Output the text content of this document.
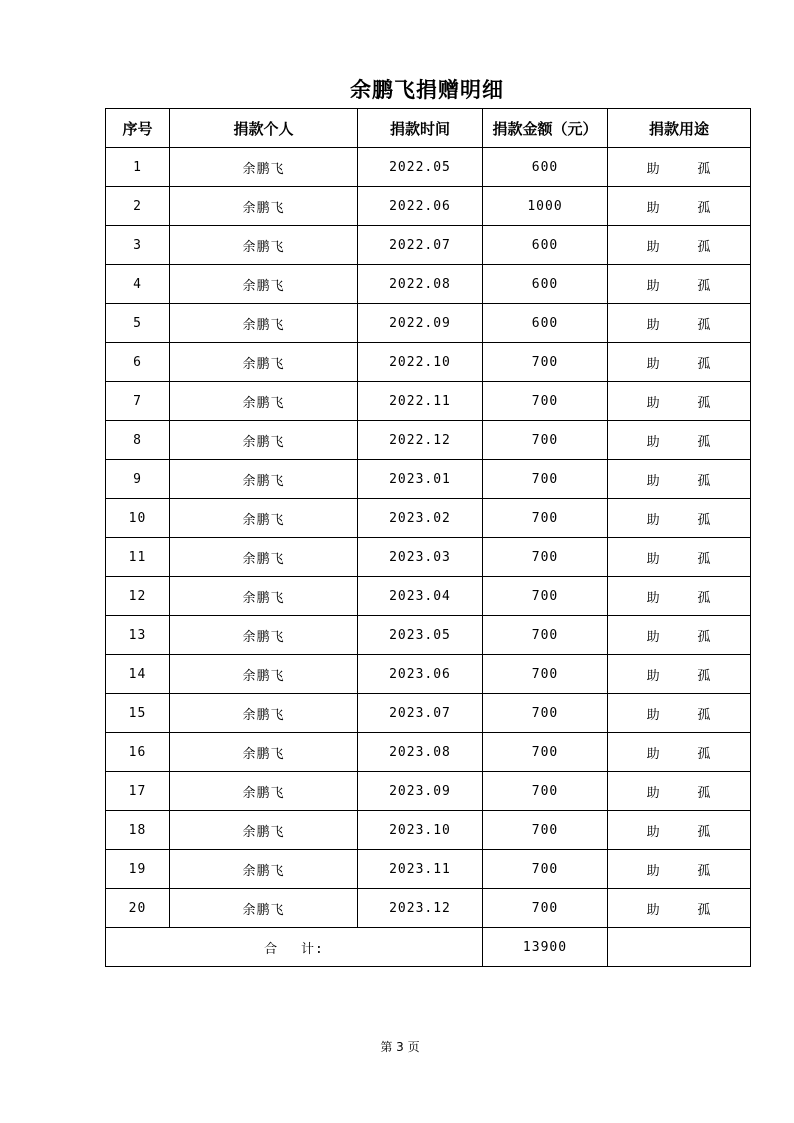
余鹏飞捐赠明细
序号	捐款个人	捐款时间	捐款金额（元）	捐款用途
1	余鹏飞	2022.05	600	助 孤
2	余鹏飞	2022.06	1000	助 孤
3	余鹏飞	2022.07	600	助 孤
4	余鹏飞	2022.08	600	助 孤
5	余鹏飞	2022.09	600	助 孤
6	余鹏飞	2022.10	700	助 孤
7	余鹏飞	2022.11	700	助 孤
8	余鹏飞	2022.12	700	助 孤
9	余鹏飞	2023.01	700	助 孤
10	余鹏飞	2023.02	700	助 孤
11	余鹏飞	2023.03	700	助 孤
12	余鹏飞	2023.04	700	助 孤
13	余鹏飞	2023.05	700	助 孤
14	余鹏飞	2023.06	700	助 孤
15	余鹏飞	2023.07	700	助 孤
16	余鹏飞	2023.08	700	助 孤
17	余鹏飞	2023.09	700	助 孤
18	余鹏飞	2023.10	700	助 孤
19	余鹏飞	2023.11	700	助 孤
20	余鹏飞	2023.12	700	助 孤
合 计:			13900	
第 3 页
